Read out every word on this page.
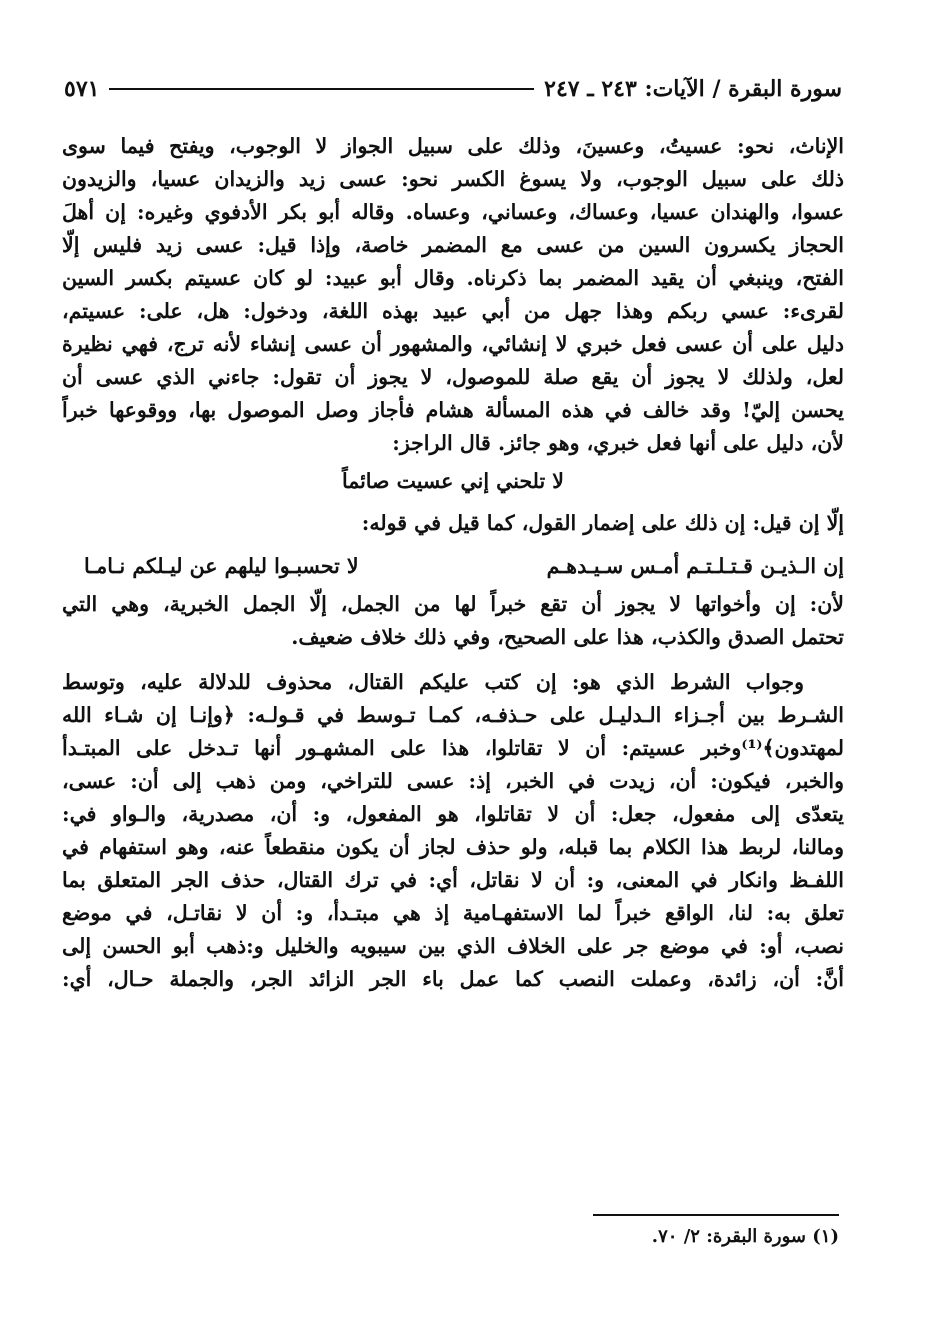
سورة البقرة / الآيات: ٢٤٣ ـ ٢٤٧
٥٧١
الإناث، نحو: عسيتُ، وعسينَ، وذلك على سبيل الجواز لا الوجوب، ويفتح فيما سوى
ذلك على سبيل الوجوب، ولا يسوغ الكسر نحو: عسى زيد والزيدان عسيا، والزيدون
عسوا، والهندان عسيا، وعساك، وعساني، وعساه. وقاله أبو بكر الأدفوي وغيره: إن أهلَ
الحجاز يكسرون السين من عسى مع المضمر خاصة، وإذا قيل: عسى زيد فليس إلّا
الفتح، وينبغي أن يقيد المضمر بما ذكرناه. وقال أبو عبيد: لو كان عسيتم بكسر السين
لقرىء: عسي ربكم وهذا جهل من أبي عبيد بهذه اللغة، ودخول: هل، على: عسيتم،
دليل على أن عسى فعل خبري لا إنشائي، والمشهور أن عسى إنشاء لأنه ترج، فهي نظيرة
لعل، ولذلك لا يجوز أن يقع صلة للموصول، لا يجوز أن تقول: جاءني الذي عسى أن
يحسن إليّ! وقد خالف في هذه المسألة هشام فأجاز وصل الموصول بها، ووقوعها خبراً
لأن، دليل على أنها فعل خبري، وهو جائز. قال الراجز:
لا تلحني إني عسيت صائماً
إلّا إن قيل: إن ذلك على إضمار القول، كما قيل في قوله:
إن الـذيـن قـتـلـتـم أمـس سـيـدهـم
لا تحسبـوا ليلهم عن ليـلكم نـامـا
لأن: إن وأخواتها لا يجوز أن تقع خبراً لها من الجمل، إلّا الجمل الخبرية، وهي التي
تحتمل الصدق والكذب، هذا على الصحيح، وفي ذلك خلاف ضعيف.
وجواب الشرط الذي هو: إن كتب عليكم القتال، محذوف للدلالة عليه، وتوسط
الشـرط بين أجـزاء الـدليـل على حـذفـه، كمـا تـوسط في قـولـه: ﴿وإنـا إن شـاء الله
لمهتدون﴾⁽¹⁾وخبر عسيتم: أن لا تقاتلوا، هذا على المشهـور أنها تـدخل على المبتـدأ
والخبر، فيكون: أن، زيدت في الخبر، إذ: عسى للتراخي، ومن ذهب إلى أن: عسى،
يتعدّى إلى مفعول، جعل: أن لا تقاتلوا، هو المفعول، و: أن، مصدرية، والـواو في:
ومالنا، لربط هذا الكلام بما قبله، ولو حذف لجاز أن يكون منقطعاً عنه، وهو استفهام في
اللفـظ وانكار في المعنى، و: أن لا نقاتل، أي: في ترك القتال، حذف الجر المتعلق بما
تعلق به: لنا، الواقع خبراً لما الاستفهـامية إذ هي مبتـدأ، و: أن لا نقاتـل، في موضع
نصب، أو: في موضع جر على الخلاف الذي بين سيبويه والخليل و:ذهب أبو الحسن إلى
أنَّ: أن، زائدة، وعملت النصب كما عمل باء الجر الزائد الجر، والجملة حـال، أي:
(١) سورة البقرة: ٢/ ٧٠.
